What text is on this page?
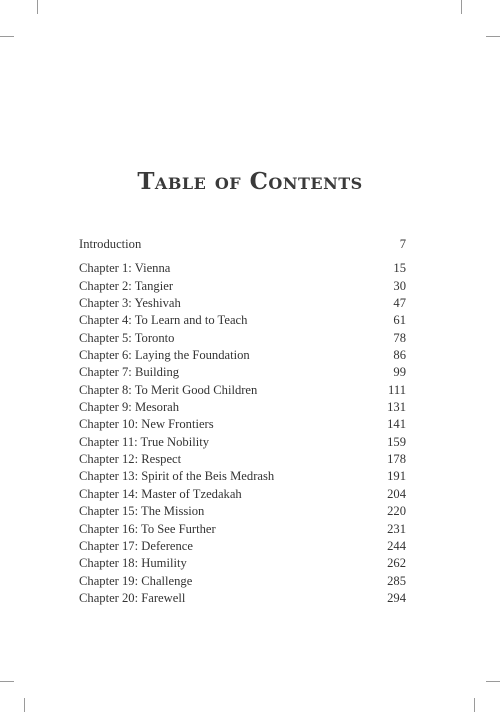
Table of Contents
Introduction	7
Chapter 1: Vienna	15
Chapter 2: Tangier	30
Chapter 3: Yeshivah	47
Chapter 4: To Learn and to Teach	61
Chapter 5: Toronto	78
Chapter 6: Laying the Foundation	86
Chapter 7: Building	99
Chapter 8: To Merit Good Children	111
Chapter 9: Mesorah	131
Chapter 10: New Frontiers	141
Chapter 11: True Nobility	159
Chapter 12: Respect	178
Chapter 13: Spirit of the Beis Medrash	191
Chapter 14: Master of Tzedakah	204
Chapter 15: The Mission	220
Chapter 16: To See Further	231
Chapter 17: Deference	244
Chapter 18: Humility	262
Chapter 19: Challenge	285
Chapter 20: Farewell	294
